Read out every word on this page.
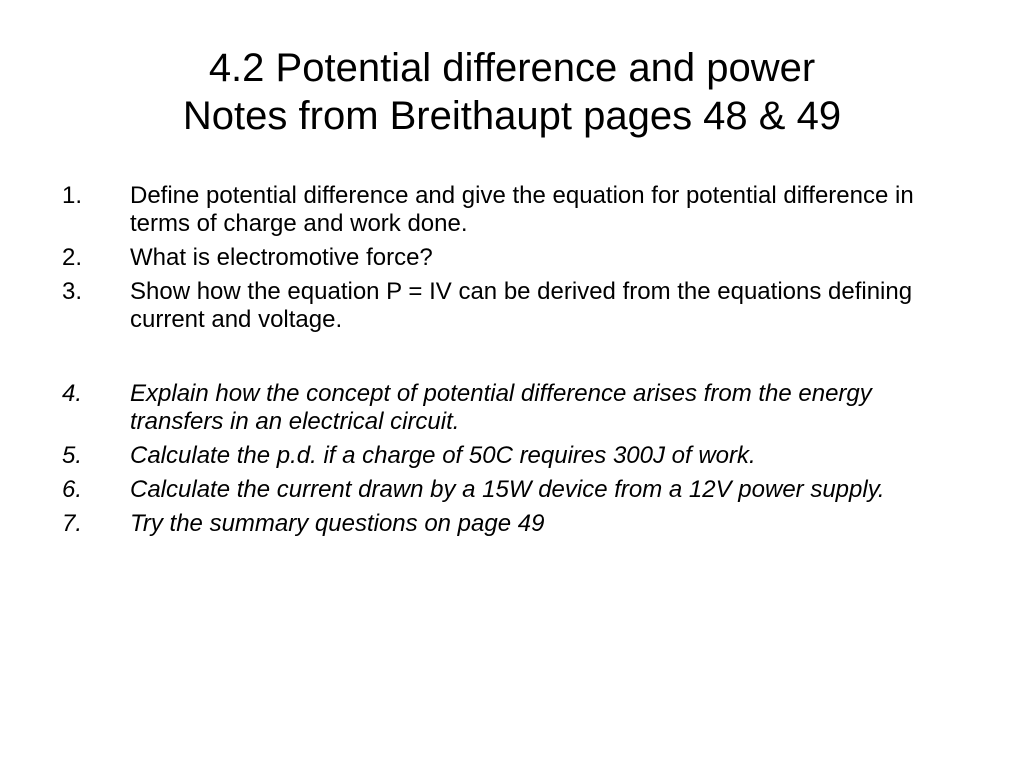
4.2 Potential difference and power
Notes from Breithaupt pages 48 & 49
1.	Define potential difference and give the equation for potential difference in terms of charge and work done.
2.	What is electromotive force?
3.	Show how the equation P = IV can be derived from the equations defining current and voltage.
4.	Explain how the concept of potential difference arises from the energy transfers in an electrical circuit.
5.	Calculate the p.d. if a charge of 50C requires 300J of work.
6.	Calculate the current drawn by a 15W device from a 12V power supply.
7.	Try the summary questions on page 49
